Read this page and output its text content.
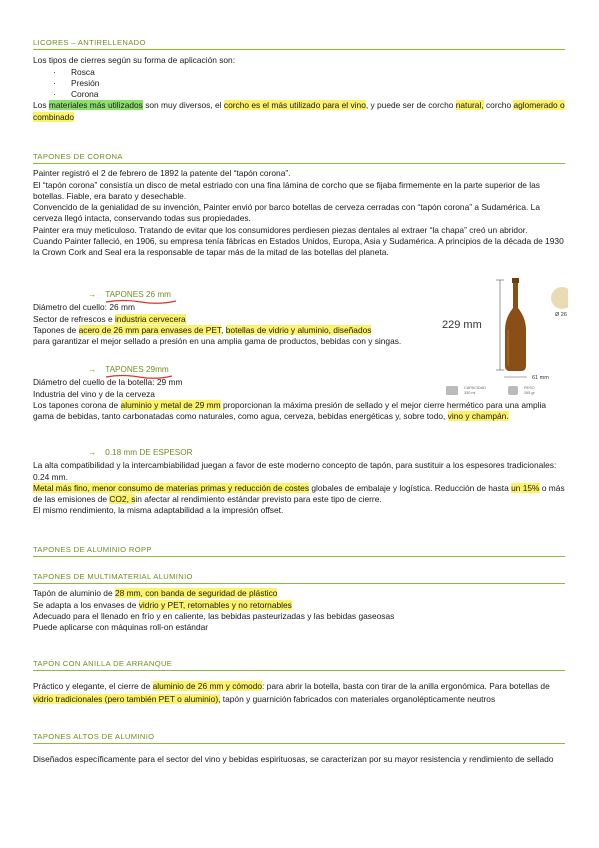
LICORES – ANTIRELLENADO

Los tipos de cierres según su forma de aplicación son:

· Rosca
· Presión
· Corona

Los materiales más utilizados son muy diversos, el corcho es el más utilizado para el vino, y puede ser de corcho natural, corcho aglomerado o combinado

TAPONES DE CORONA

Painter registró el 2 de febrero de 1892 la patente del “tapón corona”.

El “tapón corona” consistía un disco de metal estriado con una fina lámina de corcho que se fijaba firmemente en la parte superior de las botellas. Fiable, era barato y desechable.

Convencido de la genialidad de su invención, Painter envió por barco botellas de cerveza cerradas con “tapón corona” a Sudamérica. La cerveza llegó intacta, conservando todas sus propiedades.

Painter era muy meticuloso. Tratando de evitar que los consumidores perdiesen piezas dentales al extraer “la chapa” creó un abridor.

Cuando Painter falleció, en 1906, su empresa tenía fábricas en Estados Unidos, Europa, Asia y Sudamérica. A principios de la década de 1930 la Crown Cork and Seal era la responsable de tapar más de la mitad de las botellas del planeta.

→ TAPONES 26 mm

Diámetro del cuello: 26 mm

Sector de refrescos e industria cervecera

Tapones de acero de 26 mm para envases de PET, botellas de vidrio y aluminio, diseñados

para garantizar el mejor sellado a presión en una amplia gama de productos, bebidas con y singas.

→ TAPONES 29mm

Diámetro del cuello de la botella: 29 mm

Industria del vino y de la cerveza

Los tapones corona de aluminio y metal de 29 mm proporcionan la máxima presión de sellado y el mejor cierre hermético para una amplia gama de bebidas, tanto carbonatadas como naturales, como agua, cerveza, bebidas energéticas y, sobre todo, vino y champán.

→ 0.18 mm DE ESPESOR

La alta compatibilidad y la intercambiabilidad juegan a favor de este moderno concepto de tapón, para sustituir a los espesores tradicionales: 0.24 mm.

Metal más fino, menor consumo de materias primas y reducción de costes globales de embalaje y logística. Reducción de hasta un 15% o más de las emisiones de CO2, sin afectar al rendimiento estándar previsto para este tipo de cierre.

El mismo rendimiento, la misma adaptabilidad a la impresión offset.

229 mm
61 mm
Ø 26
CAPACIDAD
330 ml
PESO
265 gr
TAPONES DE ALUMINIO ROPP
TAPONES DE MULTIMATERIAL ALUMINIO

Tapón de aluminio de 28 mm, con banda de seguridad de plástico

Se adapta a los envases de vidrio y PET, retornables y no retornables

Adecuado para el llenado en frío y en caliente, las bebidas pasteurizadas y las bebidas gaseosas

Puede aplicarse con máquinas roll-on estándar

TAPÓN CON ANILLA DE ARRANQUE

Práctico y elegante, el cierre de aluminio de 26 mm y cómodo: para abrir la botella, basta con tirar de la anilla ergonómica. Para botellas de vidrio tradicionales (pero también PET o aluminio), tapón y guarnición fabricados con materiales organolépticamente neutros

TAPONES ALTOS DE ALUMINIO

Diseñados específicamente para el sector del vino y bebidas espirituosas, se caracterizan por su mayor resistencia y rendimiento de sellado
